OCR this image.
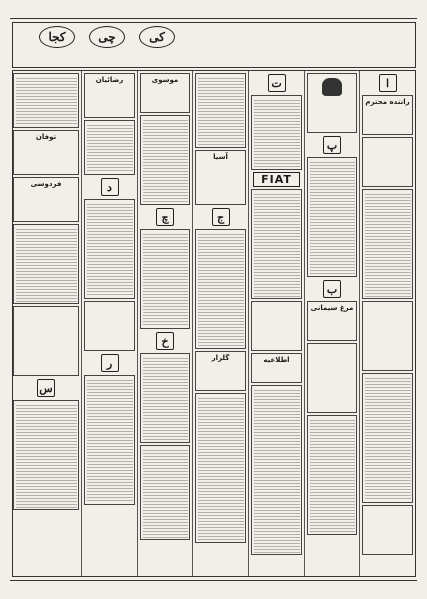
کجا	چی	کی
ا
راننده محترم
پ
ب
مرغ سیمانی
ت
FIAT
اطلاعیه
آسیا
ج
گلزار
موسوی
چ
خ
رضائیان
د
ر
توفان
فردوسی
س
